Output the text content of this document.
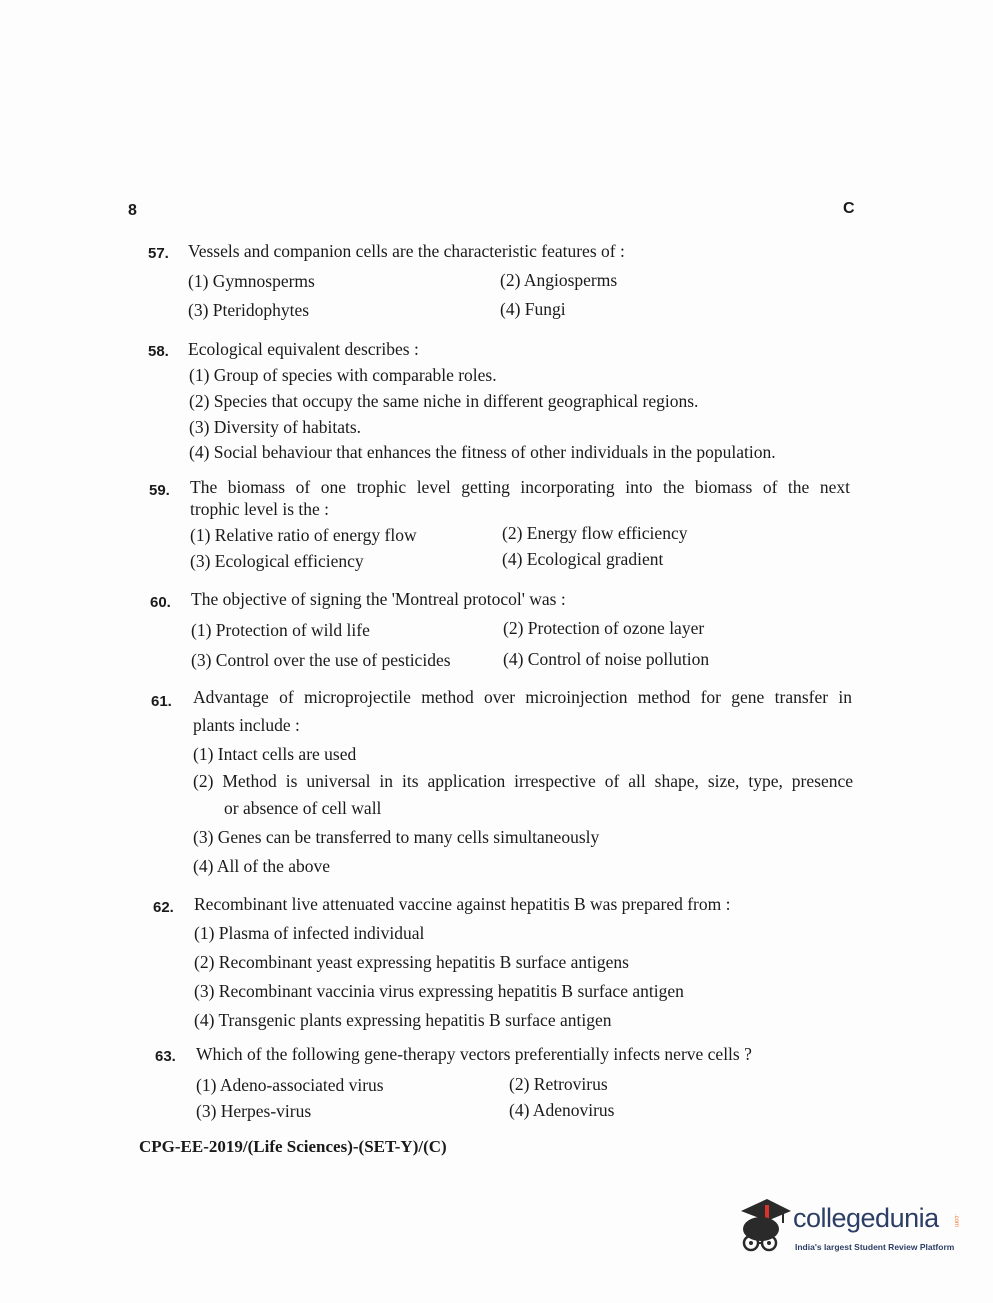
8	C
57. Vessels and companion cells are the characteristic features of :
(1) Gymnosperms	(2) Angiosperms
(3) Pteridophytes	(4) Fungi
58. Ecological equivalent describes :
(1) Group of species with comparable roles.
(2) Species that occupy the same niche in different geographical regions.
(3) Diversity of habitats.
(4) Social behaviour that enhances the fitness of other individuals in the population.
59. The biomass of one trophic level getting incorporating into the biomass of the next
trophic level is the :
(1) Relative ratio of energy flow	(2) Energy flow efficiency
(3) Ecological efficiency	(4) Ecological gradient
60. The objective of signing the 'Montreal protocol' was :
(1) Protection of wild life	(2) Protection of ozone layer
(3) Control over the use of pesticides	(4) Control of noise pollution
61. Advantage of microprojectile method over microinjection method for gene transfer in
plants include :
(1) Intact cells are used
(2) Method is universal in its application irrespective of all shape, size, type, presence
or absence of cell wall
(3) Genes can be transferred to many cells simultaneously
(4) All of the above
62. Recombinant live attenuated vaccine against hepatitis B was prepared from :
(1) Plasma of infected individual
(2) Recombinant yeast expressing hepatitis B surface antigens
(3) Recombinant vaccinia virus expressing hepatitis B surface antigen
(4) Transgenic plants expressing hepatitis B surface antigen
63. Which of the following gene-therapy vectors preferentially infects nerve cells ?
(1) Adeno-associated virus	(2) Retrovirus
(3) Herpes-virus	(4) Adenovirus
CPG-EE-2019/(Life Sciences)-(SET-Y)/(C)
collegedunia .com
India's largest Student Review Platform
